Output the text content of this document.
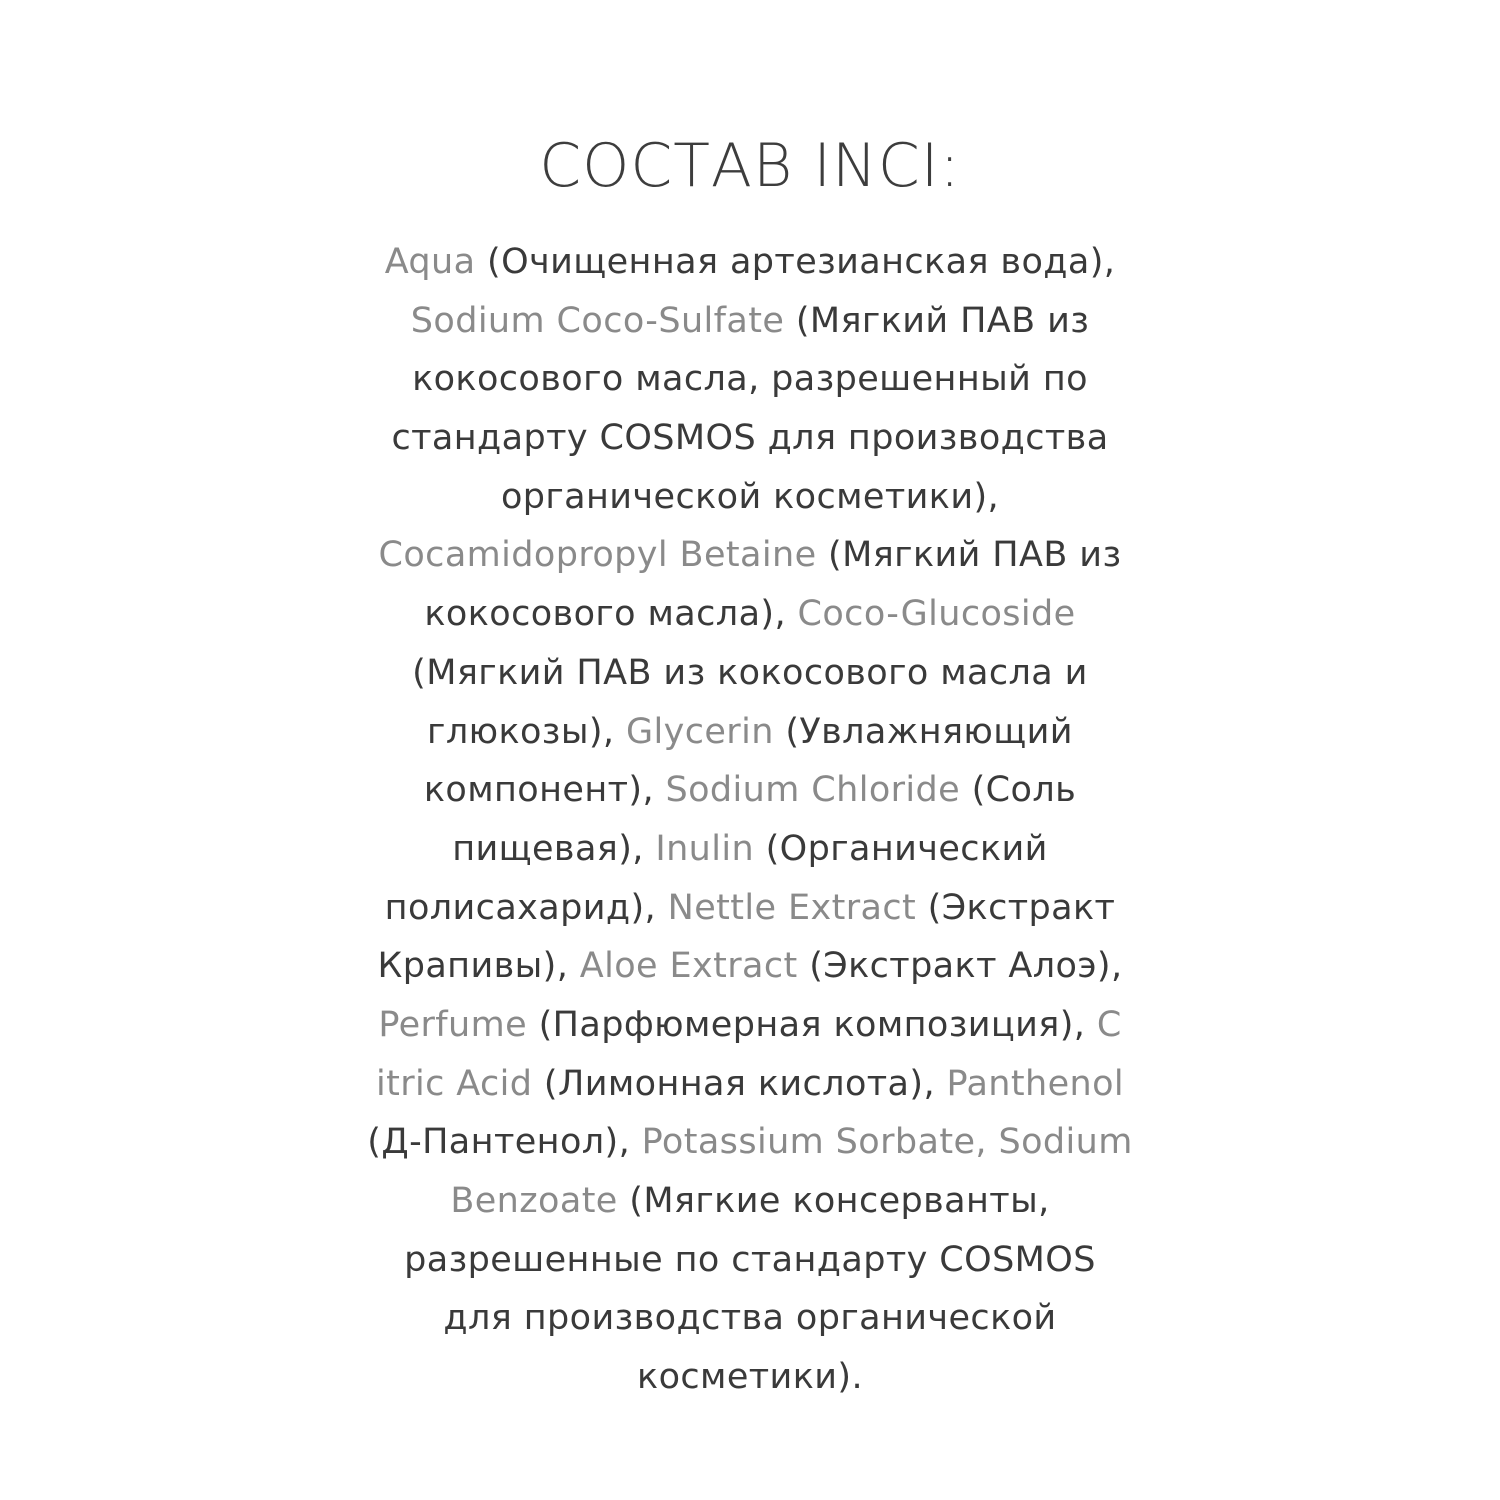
СОСТАВ INCI:
Aqua (Очищенная артезианская вода),
Sodium Coco-Sulfate (Мягкий ПАВ из
кокосового масла, разрешенный по
стандарту COSMOS для производства
органической косметики),
Cocamidopropyl Betaine (Мягкий ПАВ из
кокосового масла), Coco-Glucoside
(Мягкий ПАВ из кокосового масла и
глюкозы), Glycerin (Увлажняющий
компонент), Sodium Chloride (Соль
пищевая), Inulin (Органический
полисахарид), Nettle Extract (Экстракт
Крапивы), Aloe Extract (Экстракт Алоэ),
Perfume (Парфюмерная композиция), C
itric Acid (Лимонная кислота), Panthenol
(Д-Пантенол), Potassium Sorbate, Sodium
Benzoate (Мягкие консерванты,
разрешенные по стандарту COSMOS
для производства органической
косметики).
